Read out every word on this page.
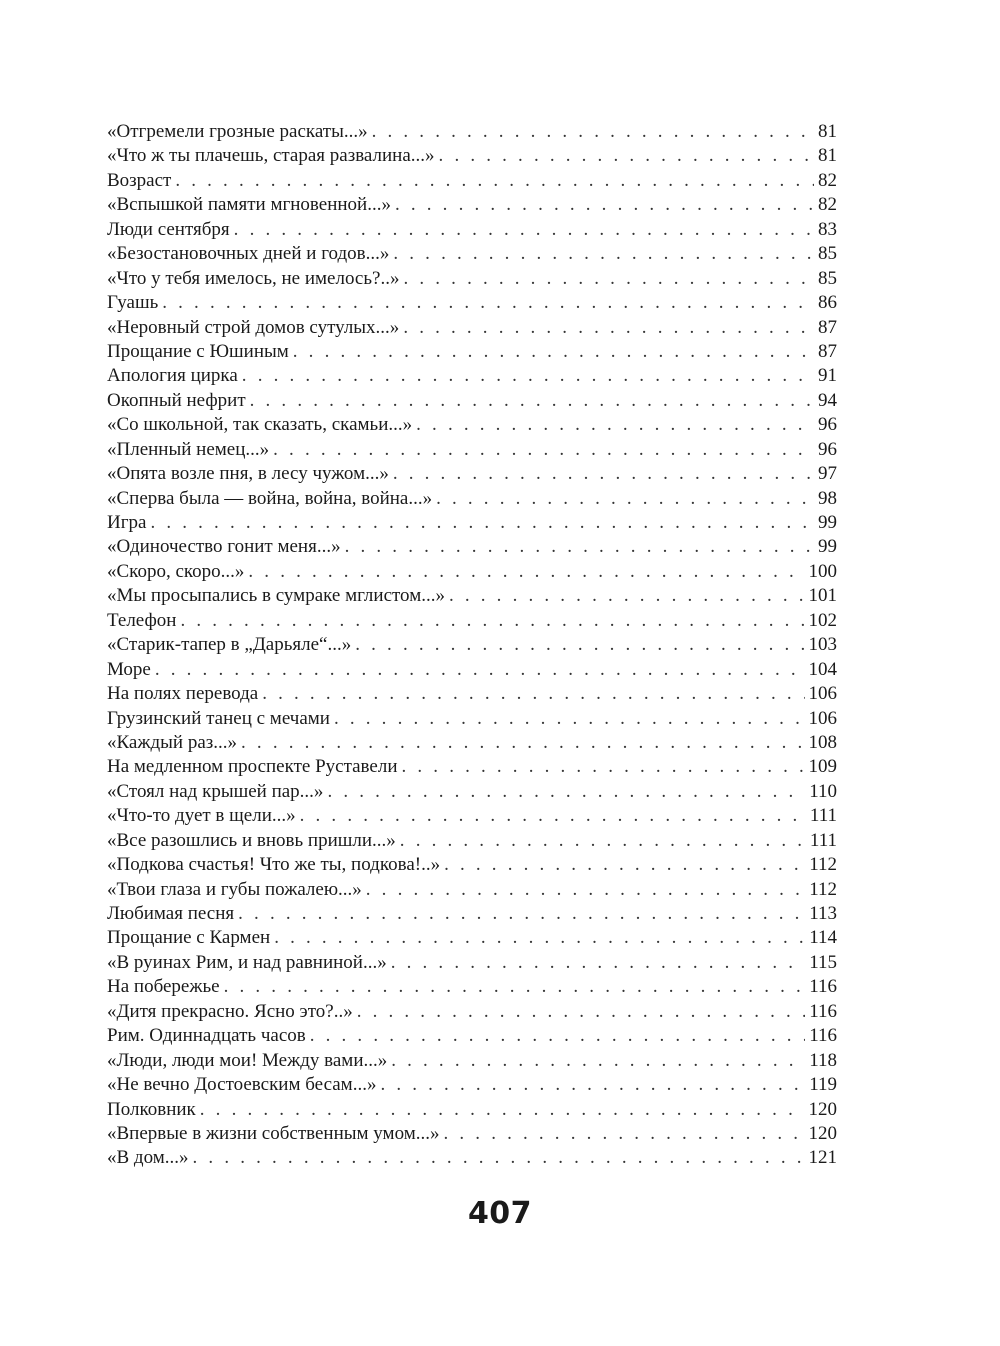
«Отгремели грозные раскаты...» . . .	81
«Что ж ты плачешь, старая развалина...» . . .	81
Возраст . . .	82
«Вспышкой памяти мгновенной...» . . .	82
Люди сентября . . .	83
«Безостановочных дней и годов...» . . .	85
«Что у тебя имелось, не имелось?..» . . .	85
Гуашь . . .	86
«Неровный строй домов сутулых...» . . .	87
Прощание с Юшиным . . .	87
Апология цирка . . .	91
Окопный нефрит . . .	94
«Со школьной, так сказать, скамьи...» . . .	96
«Пленный немец...» . . .	96
«Опята возле пня, в лесу чужом...» . . .	97
«Сперва была — война, война, война...» . . .	98
Игра . . .	99
«Одиночество гонит меня...» . . .	99
«Скоро, скоро...» . . .	100
«Мы просыпались в сумраке мглистом...» . . .	101
Телефон . . .	102
«Старик-тапер в „Дарьяле“...» . . .	103
Море . . .	104
На полях перевода . . .	106
Грузинский танец с мечами . . .	106
«Каждый раз...» . . .	108
На медленном проспекте Руставели . . .	109
«Стоял над крышей пар...» . . .	110
«Что-то дует в щели...» . . .	111
«Все разошлись и вновь пришли...» . . .	111
«Подкова счастья! Что же ты, подкова!..» . . .	112
«Твои глаза и губы пожалею...» . . .	112
Любимая песня . . .	113
Прощание с Кармен . . .	114
«В руинах Рим, и над равниной...» . . .	115
На побережье . . .	116
«Дитя прекрасно. Ясно это?..» . . .	116
Рим. Одиннадцать часов . . .	116
«Люди, люди мои! Между вами...» . . .	118
«Не вечно Достоевским бесам...» . . .	119
Полковник . . .	120
«Впервые в жизни собственным умом...» . . .	120
«В дом...» . . .	121
407
